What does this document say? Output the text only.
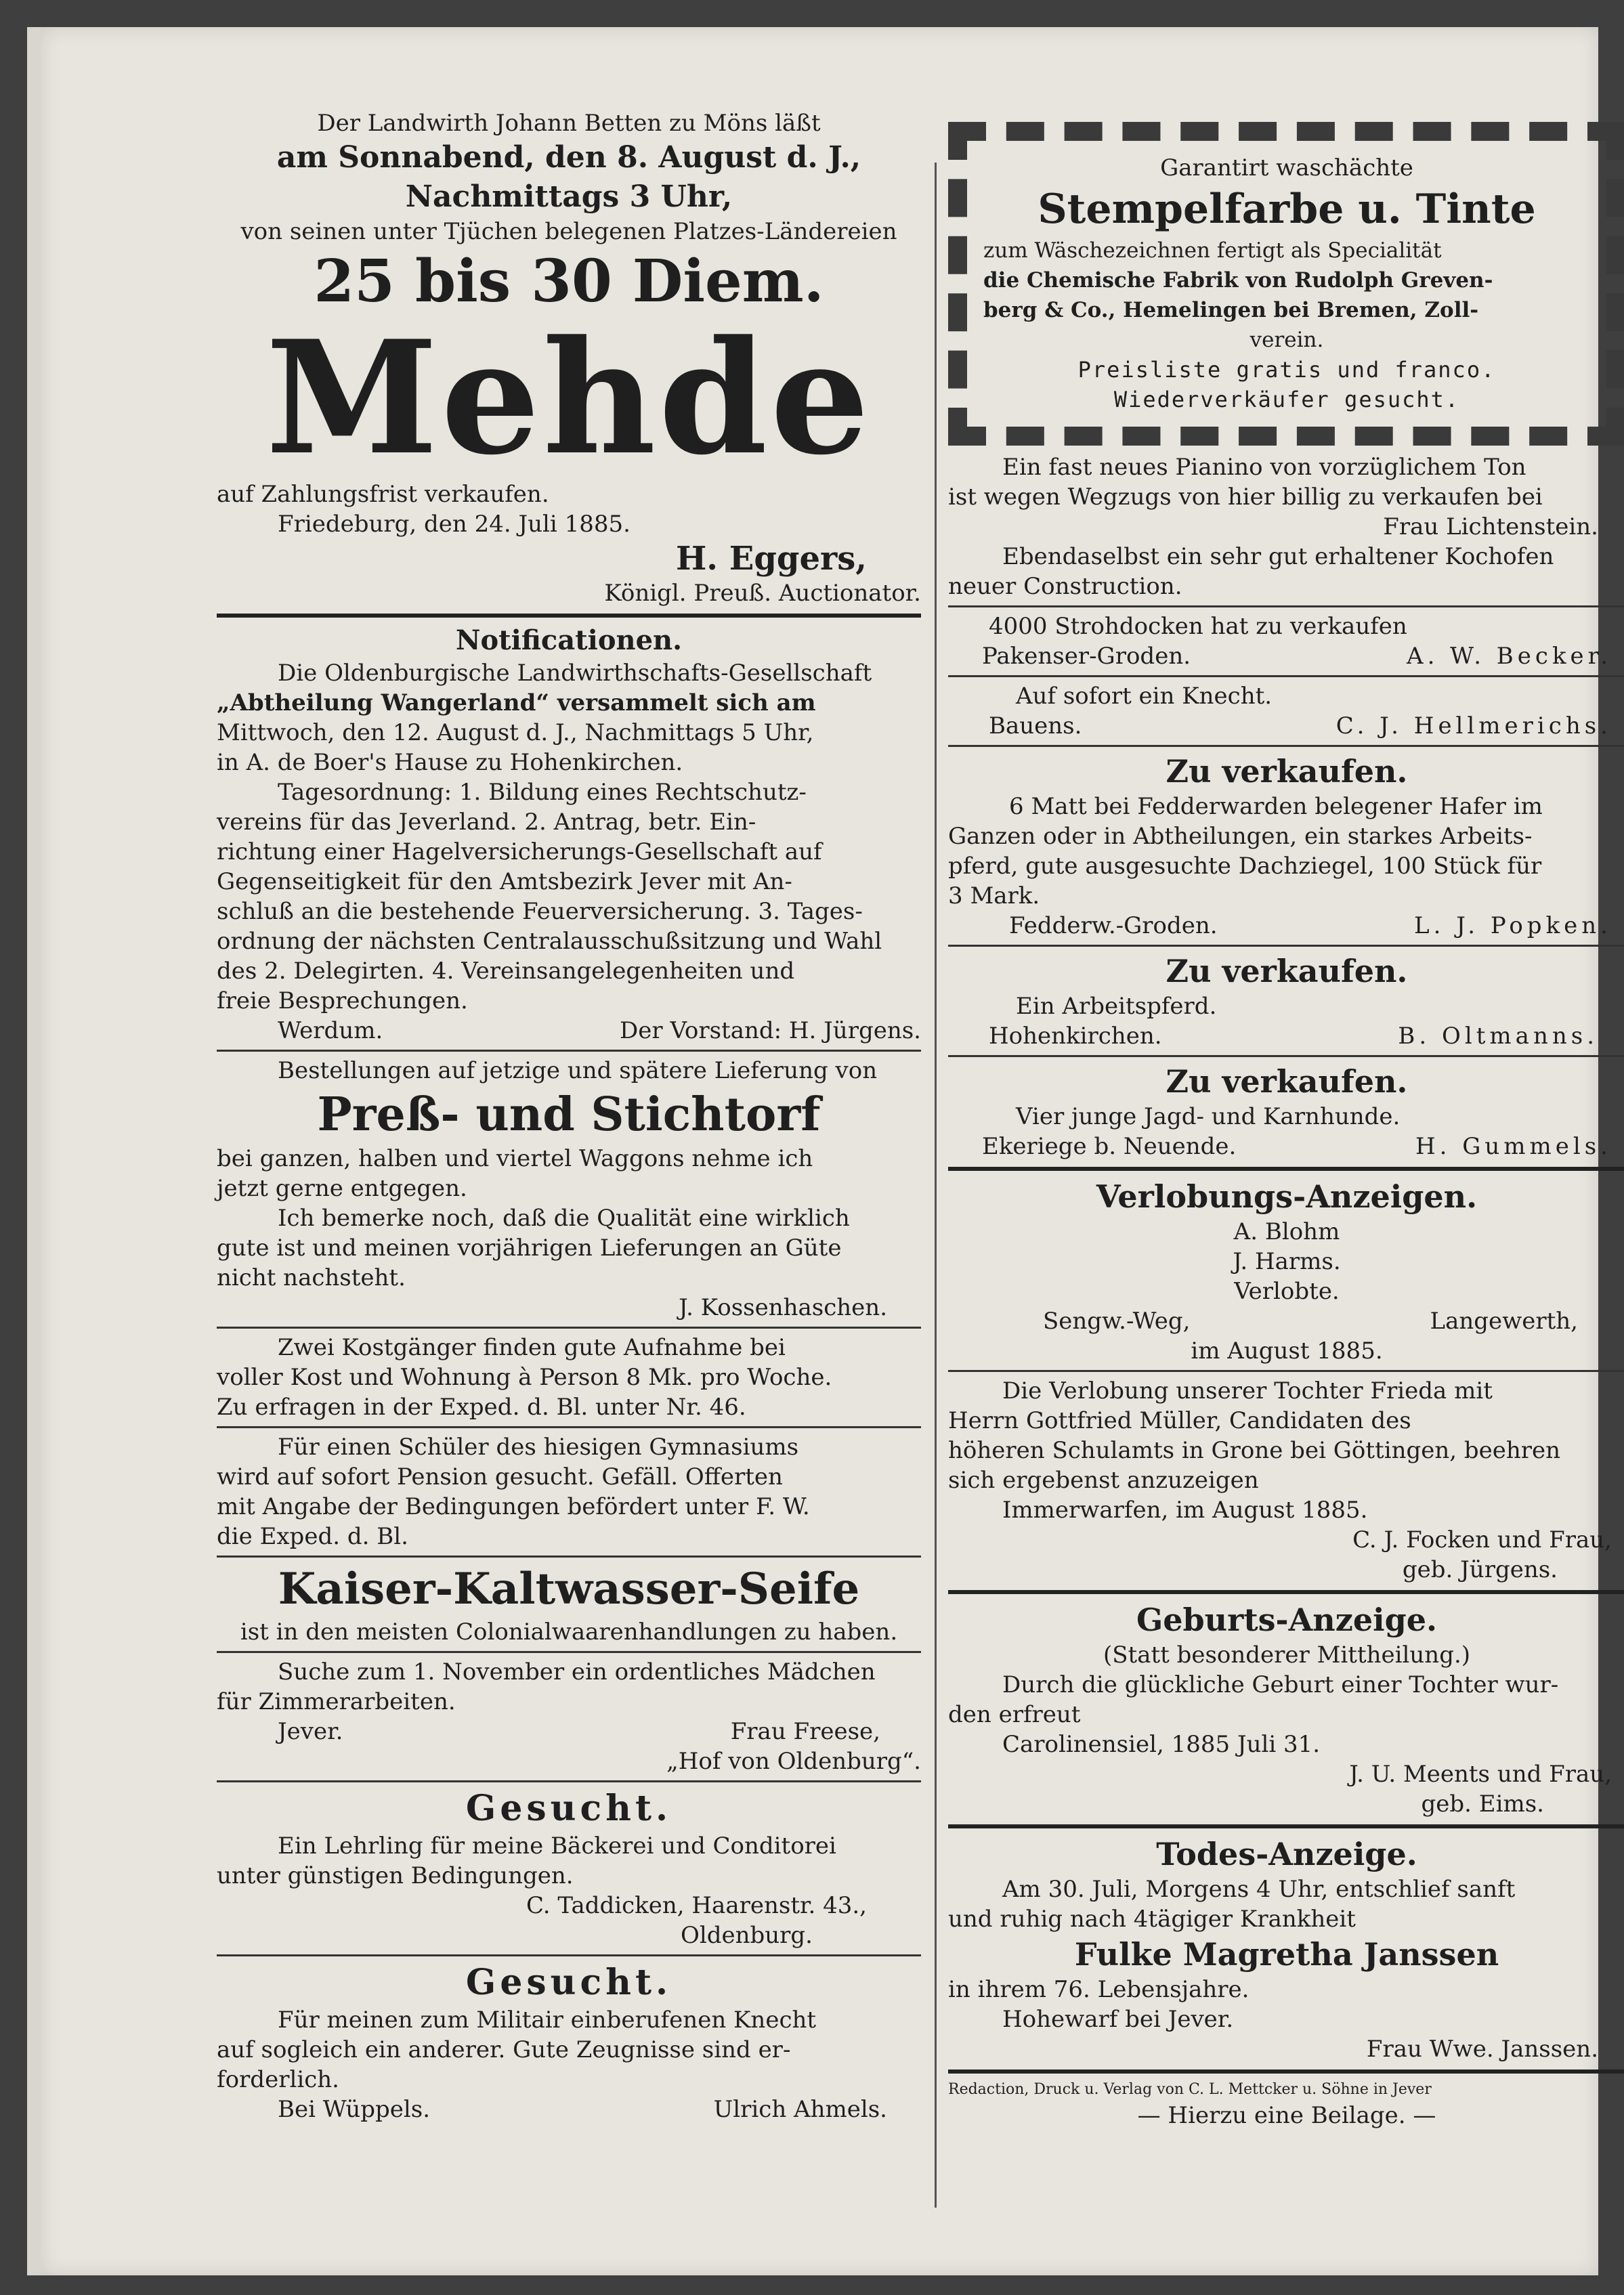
Der Landwirth Johann Betten zu Möns läßt
am Sonnabend, den 8. August d. J.,
Nachmittags 3 Uhr,
von seinen unter Tjüchen belegenen Platzes-Ländereien
25 bis 30 Diem.
Mehde
auf Zahlungsfrist verkaufen.
Friedeburg, den 24. Juli 1885.
H. Eggers,
Königl. Preuß. Auctionator.
Notificationen.
Die Oldenburgische Landwirthschafts-Gesellschaft
„Abtheilung Wangerland“ versammelt sich am
Mittwoch, den 12. August d. J., Nachmittags 5 Uhr,
in A. de Boer's Hause zu Hohenkirchen.
Tagesordnung: 1. Bildung eines Rechtschutz-
vereins für das Jeverland. 2. Antrag, betr. Ein-
richtung einer Hagelversicherungs-Gesellschaft auf
Gegenseitigkeit für den Amtsbezirk Jever mit An-
schluß an die bestehende Feuerversicherung. 3. Tages-
ordnung der nächsten Centralausschußsitzung und Wahl
des 2. Delegirten. 4. Vereinsangelegenheiten und
freie Besprechungen.
Werdum.	Der Vorstand: H. Jürgens.
Bestellungen auf jetzige und spätere Lieferung von
Preß- und Stichtorf
bei ganzen, halben und viertel Waggons nehme ich
jetzt gerne entgegen.
Ich bemerke noch, daß die Qualität eine wirklich
gute ist und meinen vorjährigen Lieferungen an Güte
nicht nachsteht.
J. Kossenhaschen.
Zwei Kostgänger finden gute Aufnahme bei
voller Kost und Wohnung à Person 8 Mk. pro Woche.
Zu erfragen in der Exped. d. Bl. unter Nr. 46.
Für einen Schüler des hiesigen Gymnasiums
wird auf sofort Pension gesucht. Gefäll. Offerten
mit Angabe der Bedingungen befördert unter F. W.
die Exped. d. Bl.
Kaiser-Kaltwasser-Seife
ist in den meisten Colonialwaarenhandlungen zu haben.
Suche zum 1. November ein ordentliches Mädchen
für Zimmerarbeiten.
Jever.	Frau Freese,
„Hof von Oldenburg“.
Gesucht.
Ein Lehrling für meine Bäckerei und Conditorei
unter günstigen Bedingungen.
C. Taddicken, Haarenstr. 43.,
Oldenburg.
Gesucht.
Für meinen zum Militair einberufenen Knecht
auf sogleich ein anderer. Gute Zeugnisse sind er-
forderlich.
Bei Wüppels.	Ulrich Ahmels.
Garantirt waschächte
Stempelfarbe u. Tinte
zum Wäschezeichnen fertigt als Specialität
die Chemische Fabrik von Rudolph Greven-
berg & Co., Hemelingen bei Bremen, Zoll-
verein.
Preisliste gratis und franco.
Wiederverkäufer gesucht.
Ein fast neues Pianino von vorzüglichem Ton
ist wegen Wegzugs von hier billig zu verkaufen bei
Frau Lichtenstein.
Ebendaselbst ein sehr gut erhaltener Kochofen
neuer Construction.
4000 Strohdocken hat zu verkaufen
Pakenser-Groden.	A. W. Becker.
Auf sofort ein Knecht.
Bauens.	C. J. Hellmerichs.
Zu verkaufen.
6 Matt bei Fedderwarden belegener Hafer im
Ganzen oder in Abtheilungen, ein starkes Arbeits-
pferd, gute ausgesuchte Dachziegel, 100 Stück für
3 Mark.
Fedderw.-Groden.	L. J. Popken.
Zu verkaufen.
Ein Arbeitspferd.
Hohenkirchen.	B. Oltmanns.
Zu verkaufen.
Vier junge Jagd- und Karnhunde.
Ekeriege b. Neuende.	H. Gummels.
Verlobungs-Anzeigen.
A. Blohm
J. Harms.
Verlobte.
Sengw.-Weg,	Langewerth,
im August 1885.
Die Verlobung unserer Tochter Frieda mit
Herrn Gottfried Müller, Candidaten des
höheren Schulamts in Grone bei Göttingen, beehren
sich ergebenst anzuzeigen
Immerwarfen, im August 1885.
C. J. Focken und Frau,
geb. Jürgens.
Geburts-Anzeige.
(Statt besonderer Mittheilung.)
Durch die glückliche Geburt einer Tochter wur-
den erfreut
Carolinensiel, 1885 Juli 31.
J. U. Meents und Frau,
geb. Eims.
Todes-Anzeige.
Am 30. Juli, Morgens 4 Uhr, entschlief sanft
und ruhig nach 4tägiger Krankheit
Fulke Magretha Janssen
in ihrem 76. Lebensjahre.
Hohewarf bei Jever.
Frau Wwe. Janssen.
Redaction, Druck u. Verlag von C. L. Mettcker u. Söhne in Jever
— Hierzu eine Beilage. —
